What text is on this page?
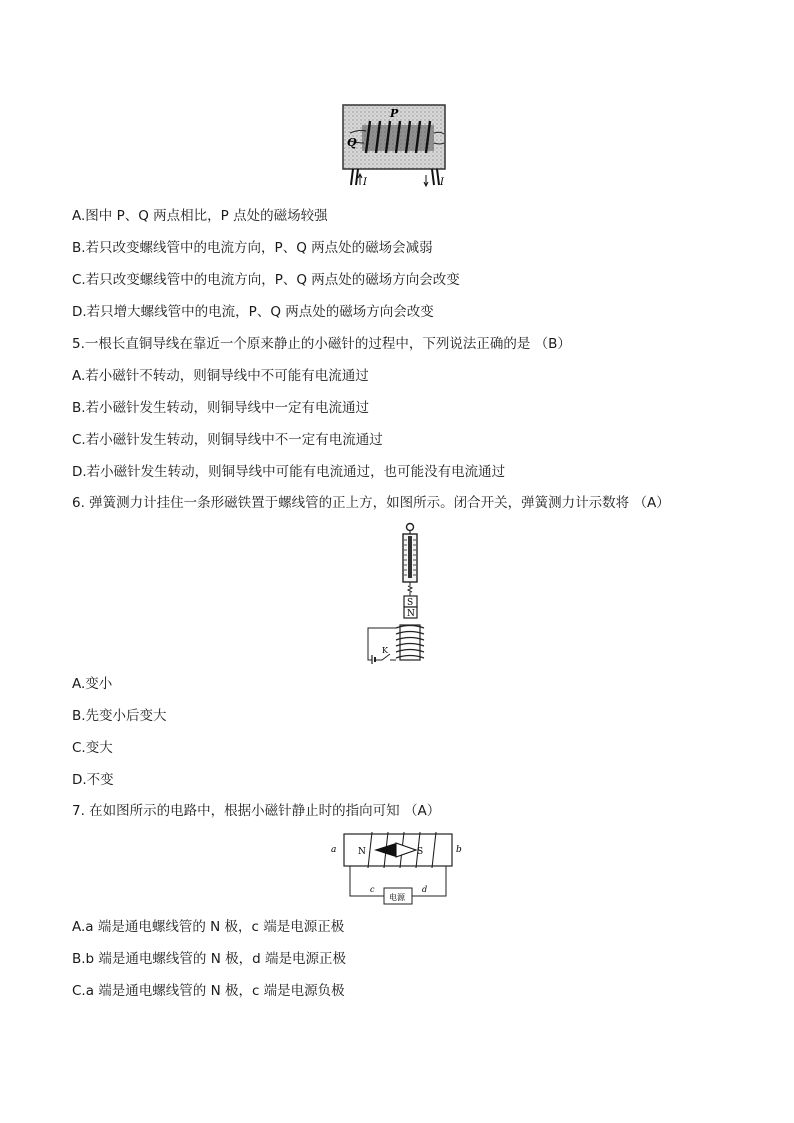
P
Q
I	I
A.图中 P、Q 两点相比，P 点处的磁场较强
B.若只改变螺线管中的电流方向，P、Q 两点处的磁场会减弱
C.若只改变螺线管中的电流方向，P、Q 两点处的磁场方向会改变
D.若只增大螺线管中的电流，P、Q 两点处的磁场方向会改变
5.一根长直铜导线在靠近一个原来静止的小磁针的过程中，下列说法正确的是 （B）
A.若小磁针不转动，则铜导线中不可能有电流通过
B.若小磁针发生转动，则铜导线中一定有电流通过
C.若小磁针发生转动，则铜导线中不一定有电流通过
D.若小磁针发生转动，则铜导线中可能有电流通过，也可能没有电流通过
6. 弹簧测力计挂住一条形磁铁置于螺线管的正上方，如图所示。闭合开关，弹簧测力计示数将 （A）
S
N
K
A.变小
B.先变小后变大
C.变大
D.不变
7. 在如图所示的电路中，根据小磁针静止时的指向可知 （A）
N	S
a	b
电源
c	d
A.a 端是通电螺线管的 N 极，c 端是电源正极
B.b 端是通电螺线管的 N 极，d 端是电源正极
C.a 端是通电螺线管的 N 极，c 端是电源负极
